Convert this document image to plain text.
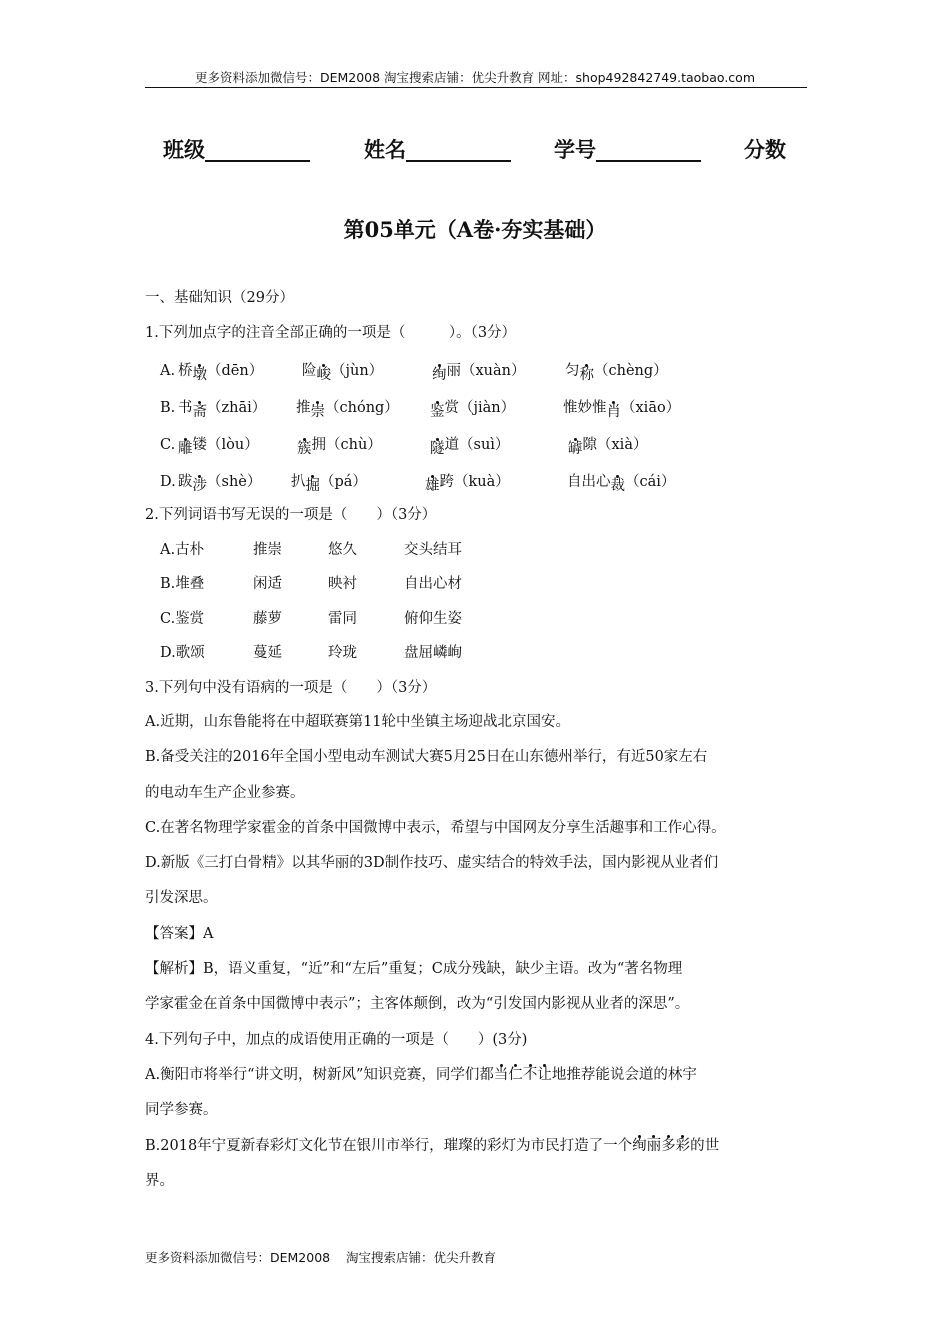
更多资料添加微信号：DEM2008 淘宝搜索店铺：优尖升教育 网址：shop492842749.taobao.com
班级__________	姓名__________ 学号__________ 分数
第05单元（A卷·夯实基础）
一、基础知识（29分）
1.下列加点字的注音全部正确的一项是（　　　）。（3分）
A. 桥墩（dēn）	险峻（jùn）	绚丽（xuàn）	匀称（chèng）
B. 书斋（zhāi） 推崇（chóng） 鉴赏（jiàn）	惟妙惟肖（xiāo）
C. 雕镂（lòu）	簇拥（chù）	隧道（suì）	罅隙（xià）
D. 跋涉（shè） 扒掘（pá）	雄跨（kuà）	自出心裁（cái）
2.下列词语书写无误的一项是（　　）（3分）
A.古朴	推崇	悠久	交头结耳
B.堆叠	闲适	映衬	自出心材
C.鉴赏	藤萝	雷同	俯仰生姿
D.歌颂	蔓延	玲珑	盘屈嶙峋
3.下列句中没有语病的一项是（　　）（3分）
A.近期，山东鲁能将在中超联赛第11轮中坐镇主场迎战北京国安。
B.备受关注的2016年全国小型电动车测试大赛5月25日在山东德州举行，有近50家左右
的电动车生产企业参赛。
C.在著名物理学家霍金的首条中国微博中表示，希望与中国网友分享生活趣事和工作心得。
D.新版《三打白骨精》以其华丽的3D制作技巧、虚实结合的特效手法，国内影视从业者们
引发深思。
【答案】A
【解析】B，语义重复，“近”和“左后”重复；C成分残缺，缺少主语。改为“著名物理
学家霍金在首条中国微博中表示”；主客体颠倒，改为“引发国内影视从业者的深思”。
4.下列句子中，加点的成语使用正确的一项是（　　）(3分)
A.衡阳市将举行“讲文明，树新风”知识竞赛，同学们都当仁不让地推荐能说会道的林宇
同学参赛。
B.2018年宁夏新春彩灯文化节在银川市举行，璀璨的彩灯为市民打造了一个绚丽多彩的世
界。
更多资料添加微信号：DEM2008    淘宝搜索店铺：优尖升教育
